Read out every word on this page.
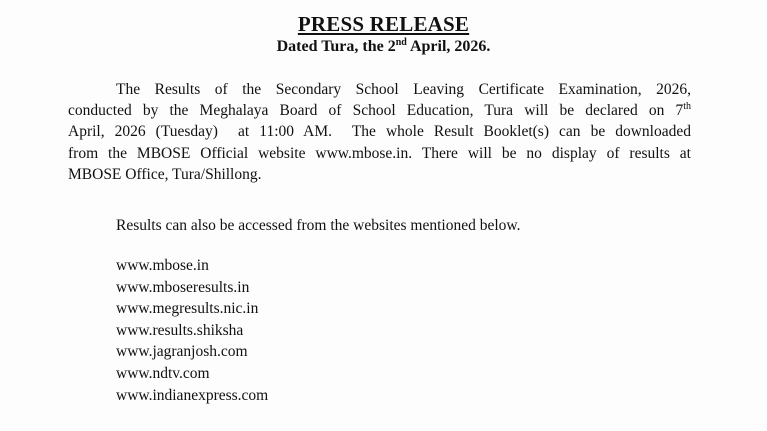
PRESS RELEASE
Dated Tura, the 2nd April, 2026.
The Results of the Secondary School Leaving Certificate Examination, 2026,
conducted by the Meghalaya Board of School Education, Tura will be declared on 7th
April, 2026 (Tuesday)  at 11:00 AM.  The whole Result Booklet(s) can be downloaded
from the MBOSE Official website www.mbose.in. There will be no display of results at
MBOSE Office, Tura/Shillong.
Results can also be accessed from the websites mentioned below.
www.mbose.in
www.mboseresults.in
www.megresults.nic.in
www.results.shiksha
www.jagranjosh.com
www.ndtv.com
www.indianexpress.com
